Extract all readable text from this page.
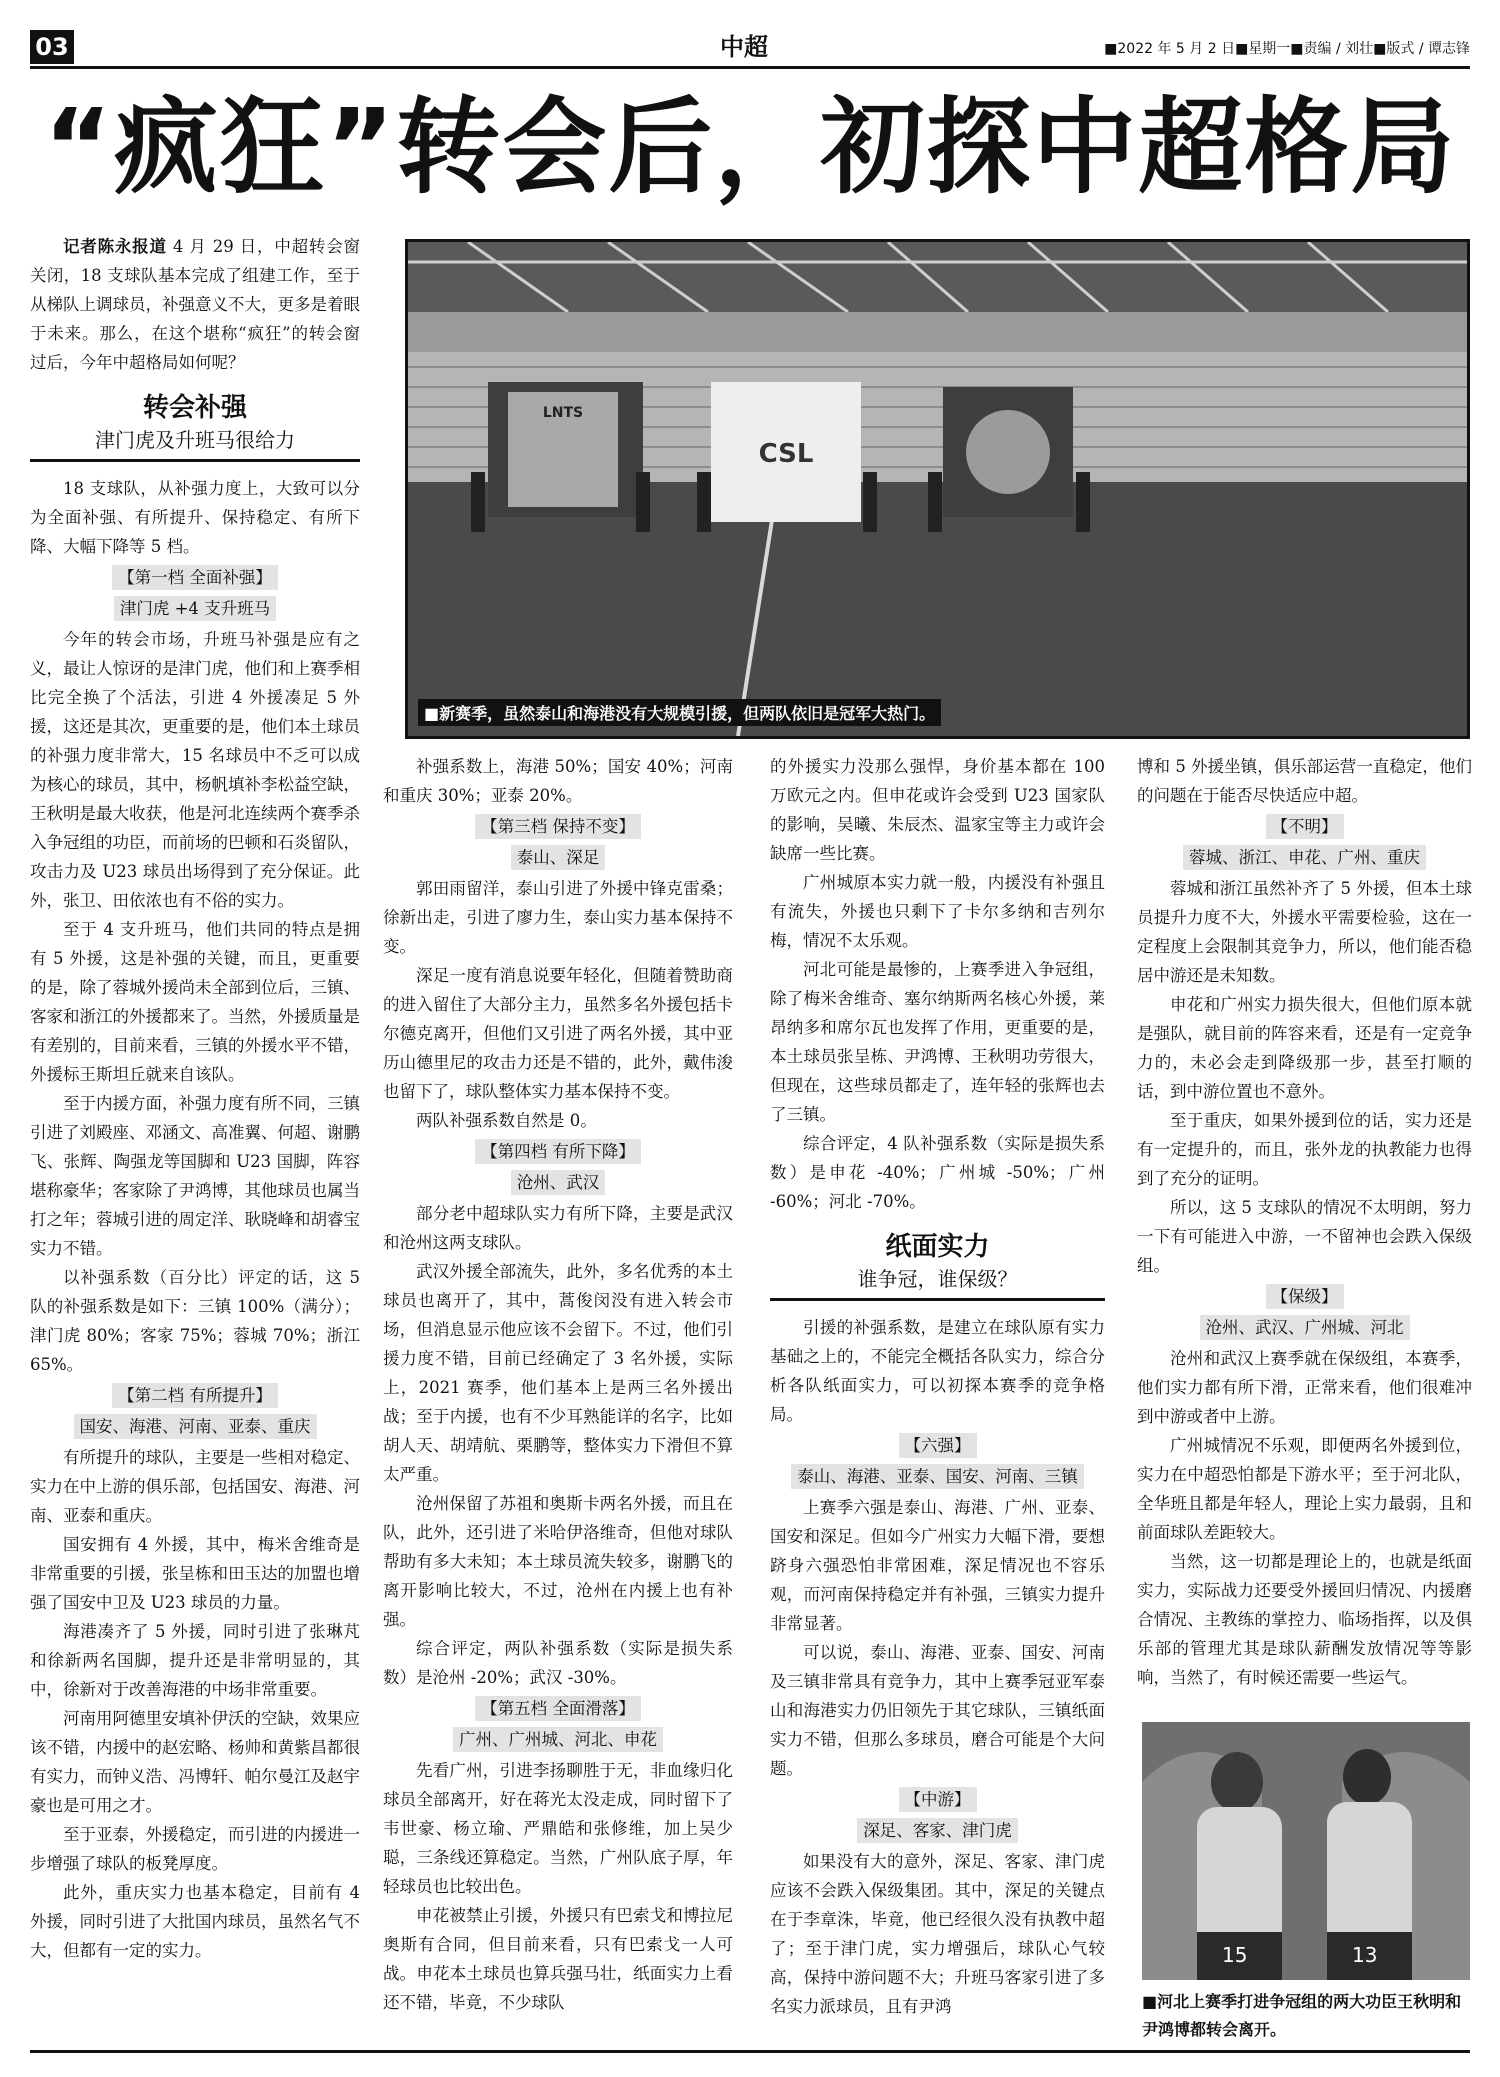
03	中超	■2022 年 5 月 2 日■星期一■责编 / 刘壮■版式 / 谭志锋
“疯狂”转会后，初探中超格局

记者陈永报道 4 月 29 日，中超转会窗关闭，18 支球队基本完成了组建工作，至于从梯队上调球员，补强意义不大，更多是着眼于未来。那么，在这个堪称“疯狂”的转会窗过后，今年中超格局如何呢？

转会补强
津门虎及升班马很给力

18 支球队，从补强力度上，大致可以分为全面补强、有所提升、保持稳定、有所下降、大幅下降等 5 档。

【第一档 全面补强】
津门虎 +4 支升班马

今年的转会市场，升班马补强是应有之义，最让人惊讶的是津门虎，他们和上赛季相比完全换了个活法，引进 4 外援凑足 5 外援，这还是其次，更重要的是，他们本土球员的补强力度非常大，15 名球员中不乏可以成为核心的球员，其中，杨帆填补李松益空缺，王秋明是最大收获，他是河北连续两个赛季杀入争冠组的功臣，而前场的巴顿和石炎留队，攻击力及 U23 球员出场得到了充分保证。此外，张卫、田依浓也有不俗的实力。

至于 4 支升班马，他们共同的特点是拥有 5 外援，这是补强的关键，而且，更重要的是，除了蓉城外援尚未全部到位后，三镇、客家和浙江的外援都来了。当然，外援质量是有差别的，目前来看，三镇的外援水平不错，外援标王斯坦丘就来自该队。

至于内援方面，补强力度有所不同，三镇引进了刘殿座、邓涵文、高准翼、何超、谢鹏飞、张辉、陶强龙等国脚和 U23 国脚，阵容堪称豪华；客家除了尹鸿博，其他球员也属当打之年；蓉城引进的周定洋、耿晓峰和胡睿宝实力不错。

以补强系数（百分比）评定的话，这 5 队的补强系数是如下：三镇 100%（满分）；津门虎 80%；客家 75%；蓉城 70%；浙江 65%。

【第二档 有所提升】
国安、海港、河南、亚泰、重庆

有所提升的球队，主要是一些相对稳定、实力在中上游的俱乐部，包括国安、海港、河南、亚泰和重庆。

国安拥有 4 外援，其中，梅米舍维奇是非常重要的引援，张呈栋和田玉达的加盟也增强了国安中卫及 U23 球员的力量。

海港凑齐了 5 外援，同时引进了张琳芃和徐新两名国脚，提升还是非常明显的，其中，徐新对于改善海港的中场非常重要。

河南用阿德里安填补伊沃的空缺，效果应该不错，内援中的赵宏略、杨帅和黄紫昌都很有实力，而钟义浩、冯博轩、帕尔曼江及赵宇豪也是可用之才。

至于亚泰，外援稳定，而引进的内援进一步增强了球队的板凳厚度。

此外，重庆实力也基本稳定，目前有 4 外援，同时引进了大批国内球员，虽然名气不大，但都有一定的实力。

LNTS
CSL
■新赛季，虽然泰山和海港没有大规模引援，但两队依旧是冠军大热门。

补强系数上，海港 50%；国安 40%；河南和重庆 30%；亚泰 20%。

【第三档 保持不变】
泰山、深足

郭田雨留洋，泰山引进了外援中锋克雷桑；徐新出走，引进了廖力生，泰山实力基本保持不变。

深足一度有消息说要年轻化，但随着赞助商的进入留住了大部分主力，虽然多名外援包括卡尔德克离开，但他们又引进了两名外援，其中亚历山德里尼的攻击力还是不错的，此外，戴伟浚也留下了，球队整体实力基本保持不变。

两队补强系数自然是 0。

【第四档 有所下降】
沧州、武汉

部分老中超球队实力有所下降，主要是武汉和沧州这两支球队。

武汉外援全部流失，此外，多名优秀的本土球员也离开了，其中，蒿俊闵没有进入转会市场，但消息显示他应该不会留下。不过，他们引援力度不错，目前已经确定了 3 名外援，实际上，2021 赛季，他们基本上是两三名外援出战；至于内援，也有不少耳熟能详的名字，比如胡人天、胡靖航、栗鹏等，整体实力下滑但不算太严重。

沧州保留了苏祖和奥斯卡两名外援，而且在队，此外，还引进了米哈伊洛维奇，但他对球队帮助有多大未知；本土球员流失较多，谢鹏飞的离开影响比较大，不过，沧州在内援上也有补强。

综合评定，两队补强系数（实际是损失系数）是沧州 -20%；武汉 -30%。

【第五档 全面滑落】
广州、广州城、河北、申花

先看广州，引进李扬聊胜于无，非血缘归化球员全部离开，好在蒋光太没走成，同时留下了韦世豪、杨立瑜、严鼎皓和张修维，加上吴少聪，三条线还算稳定。当然，广州队底子厚，年轻球员也比较出色。

申花被禁止引援，外援只有巴索戈和博拉尼奥斯有合同，但目前来看，只有巴索戈一人可战。申花本土球员也算兵强马壮，纸面实力上看还不错，毕竟，不少球队

的外援实力没那么强悍，身价基本都在 100 万欧元之内。但申花或许会受到 U23 国家队的影响，吴曦、朱辰杰、温家宝等主力或许会缺席一些比赛。

广州城原本实力就一般，内援没有补强且有流失，外援也只剩下了卡尔多纳和吉列尔梅，情况不太乐观。

河北可能是最惨的，上赛季进入争冠组，除了梅米舍维奇、塞尔纳斯两名核心外援，莱昂纳多和席尔瓦也发挥了作用，更重要的是，本土球员张呈栋、尹鸿博、王秋明功劳很大，但现在，这些球员都走了，连年轻的张辉也去了三镇。

综合评定，4 队补强系数（实际是损失系数）是申花 -40%；广州城 -50%；广州 -60%；河北 -70%。

纸面实力
谁争冠，谁保级？

引援的补强系数，是建立在球队原有实力基础之上的，不能完全概括各队实力，综合分析各队纸面实力，可以初探本赛季的竞争格局。

【六强】
泰山、海港、亚泰、国安、河南、三镇

上赛季六强是泰山、海港、广州、亚泰、国安和深足。但如今广州实力大幅下滑，要想跻身六强恐怕非常困难，深足情况也不容乐观，而河南保持稳定并有补强，三镇实力提升非常显著。

可以说，泰山、海港、亚泰、国安、河南及三镇非常具有竞争力，其中上赛季冠亚军泰山和海港实力仍旧领先于其它球队，三镇纸面实力不错，但那么多球员，磨合可能是个大问题。

【中游】
深足、客家、津门虎

如果没有大的意外，深足、客家、津门虎应该不会跌入保级集团。其中，深足的关键点在于李章洙，毕竟，他已经很久没有执教中超了；至于津门虎，实力增强后，球队心气较高，保持中游问题不大；升班马客家引进了多名实力派球员，且有尹鸿

博和 5 外援坐镇，俱乐部运营一直稳定，他们的问题在于能否尽快适应中超。

【不明】
蓉城、浙江、申花、广州、重庆

蓉城和浙江虽然补齐了 5 外援，但本土球员提升力度不大，外援水平需要检验，这在一定程度上会限制其竞争力，所以，他们能否稳居中游还是未知数。

申花和广州实力损失很大，但他们原本就是强队，就目前的阵容来看，还是有一定竞争力的，未必会走到降级那一步，甚至打顺的话，到中游位置也不意外。

至于重庆，如果外援到位的话，实力还是有一定提升的，而且，张外龙的执教能力也得到了充分的证明。

所以，这 5 支球队的情况不太明朗，努力一下有可能进入中游，一不留神也会跌入保级组。

【保级】
沧州、武汉、广州城、河北

沧州和武汉上赛季就在保级组，本赛季，他们实力都有所下滑，正常来看，他们很难冲到中游或者中上游。

广州城情况不乐观，即便两名外援到位，实力在中超恐怕都是下游水平；至于河北队，全华班且都是年轻人，理论上实力最弱，且和前面球队差距较大。

当然，这一切都是理论上的，也就是纸面实力，实际战力还要受外援回归情况、内援磨合情况、主教练的掌控力、临场指挥，以及俱乐部的管理尤其是球队薪酬发放情况等等影响，当然了，有时候还需要一些运气。

15	13
■河北上赛季打进争冠组的两大功臣王秋明和尹鸿博都转会离开。
